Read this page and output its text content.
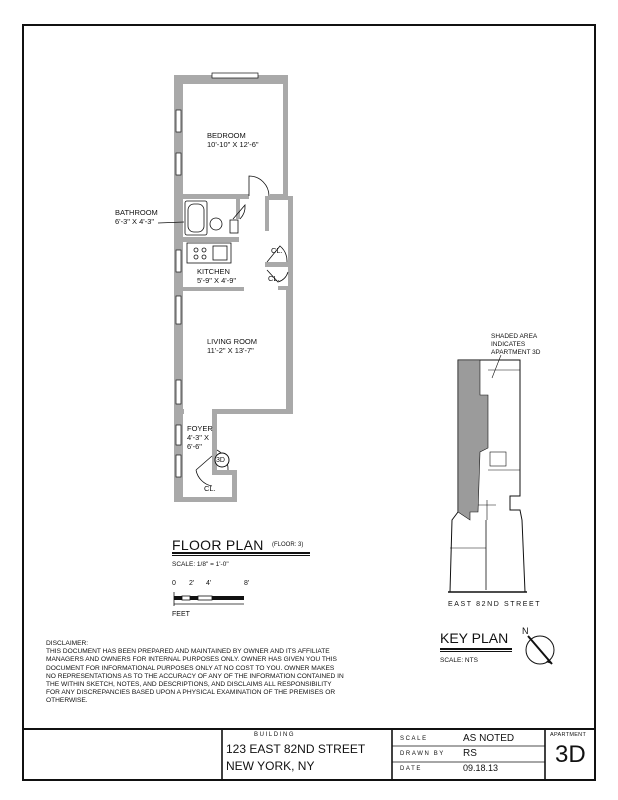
BEDROOM
10'-10" X 12'-6"
BATHROOM
6'-3" X 4'-3"
KITCHEN
5'-9" X 4'-9"
LIVING ROOM
11'-2" X 13'-7"
FOYER
4'-3" X
6'-6"
CL.
CL.
CL.
3D
FLOOR PLAN (FLOOR: 3)
SCALE: 1/8" = 1'-0"
0 2' 4'	8'
FEET
DISCLAIMER:
THIS DOCUMENT HAS BEEN PREPARED AND MAINTAINED BY OWNER AND ITS AFFILIATE MANAGERS AND OWNERS FOR INTERNAL PURPOSES ONLY. OWNER HAS GIVEN YOU THIS DOCUMENT FOR INFORMATIONAL PURPOSES ONLY AT NO COST TO YOU. OWNER MAKES NO REPRESENTATIONS AS TO THE ACCURACY OF ANY OF THE INFORMATION CONTAINED IN THE WITHIN SKETCH, NOTES, AND DESCRIPTIONS, AND DISCLAIMS ALL RESPONSIBILITY FOR ANY DISCREPANCIES BASED UPON A PHYSICAL EXAMINATION OF THE PREMISES OR OTHERWISE.
SHADED AREA
INDICATES
APARTMENT 3D
EAST 82ND STREET
KEY PLAN
SCALE: NTS
N
BUILDING
123 EAST 82ND STREET
NEW YORK, NY
SCALE	AS NOTED
DRAWN BY RS
DATE	09.18.13
APARTMENT
3D
